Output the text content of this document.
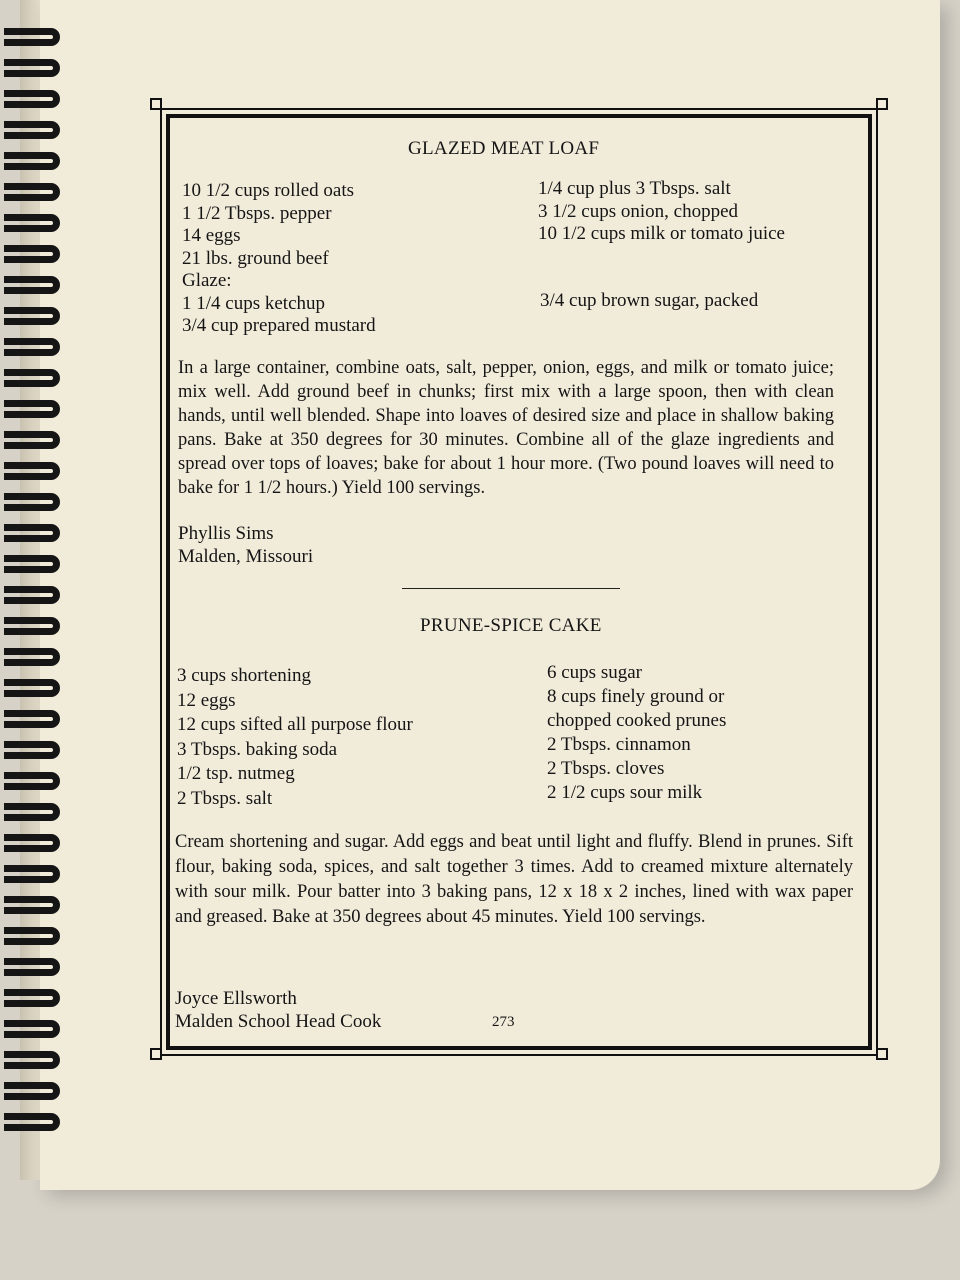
GLAZED MEAT LOAF
10 1/2 cups rolled oats
1 1/2 Tbsps. pepper
14 eggs
21 lbs. ground beef
Glaze:
1 1/4 cups ketchup
3/4 cup prepared mustard
1/4 cup plus 3 Tbsps. salt
3 1/2 cups onion, chopped
10 1/2 cups milk or tomato juice
3/4 cup brown sugar, packed
In a large container, combine oats, salt, pepper, onion, eggs, and milk or tomato juice; mix well. Add ground beef in chunks; first mix with a large spoon, then with clean hands, until well blended. Shape into loaves of desired size and place in shallow baking pans. Bake at 350 degrees for 30 minutes. Combine all of the glaze ingredients and spread over tops of loaves; bake for about 1 hour more. (Two pound loaves will need to bake for 1 1/2 hours.) Yield 100 servings.
Phyllis Sims
Malden, Missouri
PRUNE-SPICE CAKE
3 cups shortening
12 eggs
12 cups sifted all purpose flour
3 Tbsps. baking soda
1/2 tsp. nutmeg
2 Tbsps. salt
6 cups sugar
8 cups finely ground or
chopped cooked prunes
2 Tbsps. cinnamon
2 Tbsps. cloves
2 1/2 cups sour milk
Cream shortening and sugar. Add eggs and beat until light and fluffy. Blend in prunes. Sift flour, baking soda, spices, and salt together 3 times. Add to creamed mixture alternately with sour milk. Pour batter into 3 baking pans, 12 x 18 x 2 inches, lined with wax paper and greased. Bake at 350 degrees about 45 minutes. Yield 100 servings.
Joyce Ellsworth
Malden School Head Cook	273
